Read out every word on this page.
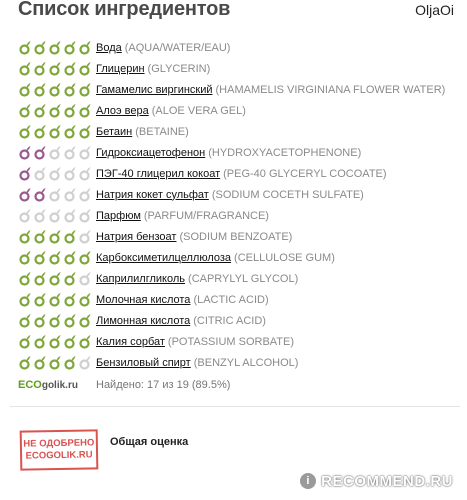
Список ингредиентов	OljaOi
Вода (AQUA/WATER/EAU)
Глицерин (GLYCERIN)
Гамамелис виргинский (HAMAMELIS VIRGINIANA FLOWER WATER)
Алоэ вера (ALOE VERA GEL)
Бетаин (BETAINE)
Гидроксиацетофенон (HYDROXYACETOPHENONE)
ПЭГ-40 глицерил кокоат (PEG-40 GLYCERYL COCOATE)
Натрия кокет сульфат (SODIUM COCETH SULFATE)
Парфюм (PARFUM/FRAGRANCE)
Натрия бензоат (SODIUM BENZOATE)
Карбоксиметилцеллюлоза (CELLULOSE GUM)
Каприлилгликоль (CAPRYLYL GLYCOL)
Молочная кислота (LACTIC ACID)
Лимонная кислота (CITRIC ACID)
Калия сорбат (POTASSIUM SORBATE)
Бензиловый спирт (BENZYL ALCOHOL)
ECO golik.ru Найдено: 17 из 19 (89.5%)
НЕ ОДОБРЕНО
ECOGOLIK.RU
Общая оценка
i RECOMMEND.RU
